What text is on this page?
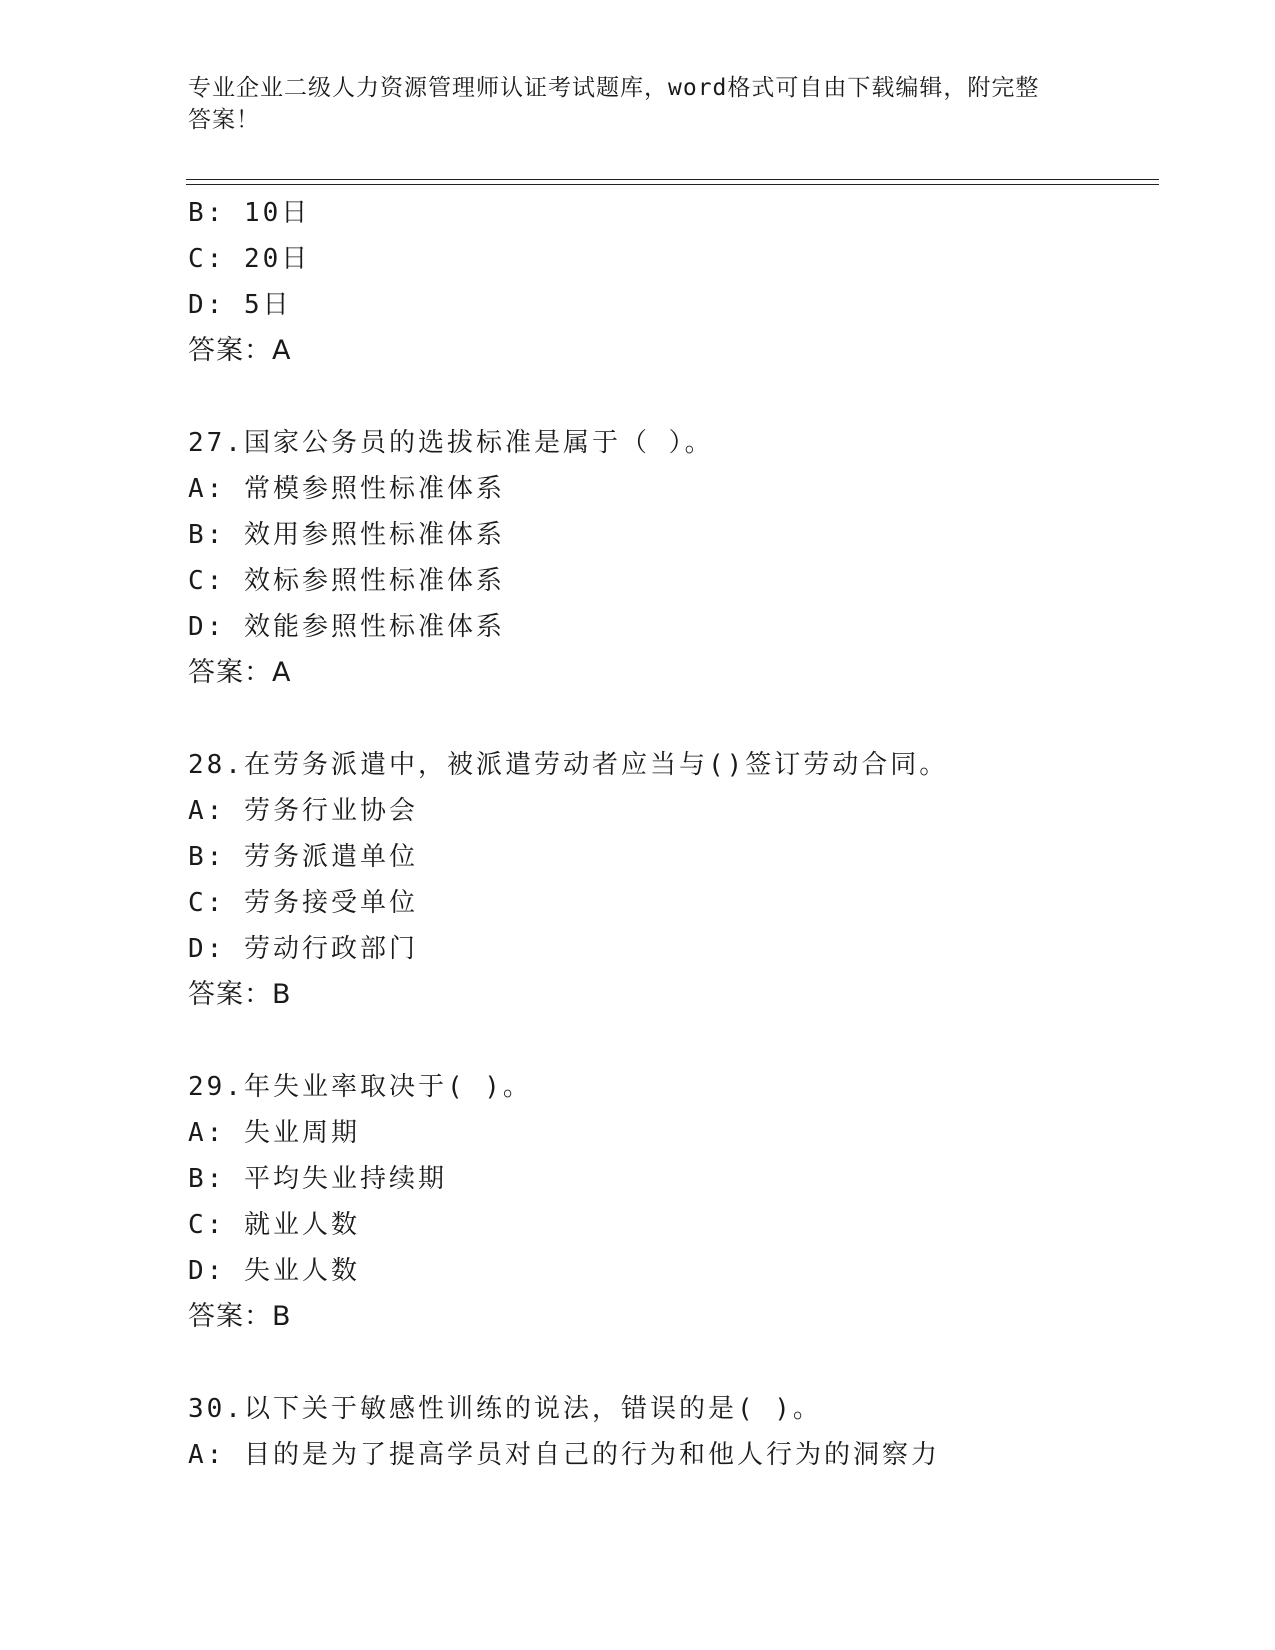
专业企业二级人力资源管理师认证考试题库，word格式可自由下载编辑，附完整
答案！
B: 10日
C: 20日
D: 5日
答案：A
27.国家公务员的选拔标准是属于（ ）。
A: 常模参照性标准体系
B: 效用参照性标准体系
C: 效标参照性标准体系
D: 效能参照性标准体系
答案：A
28.在劳务派遣中，被派遣劳动者应当与()签订劳动合同。
A: 劳务行业协会
B: 劳务派遣单位
C: 劳务接受单位
D: 劳动行政部门
答案：B
29.年失业率取决于( )。
A: 失业周期
B: 平均失业持续期
C: 就业人数
D: 失业人数
答案：B
30.以下关于敏感性训练的说法，错误的是( )。
A: 目的是为了提高学员对自己的行为和他人行为的洞察力
